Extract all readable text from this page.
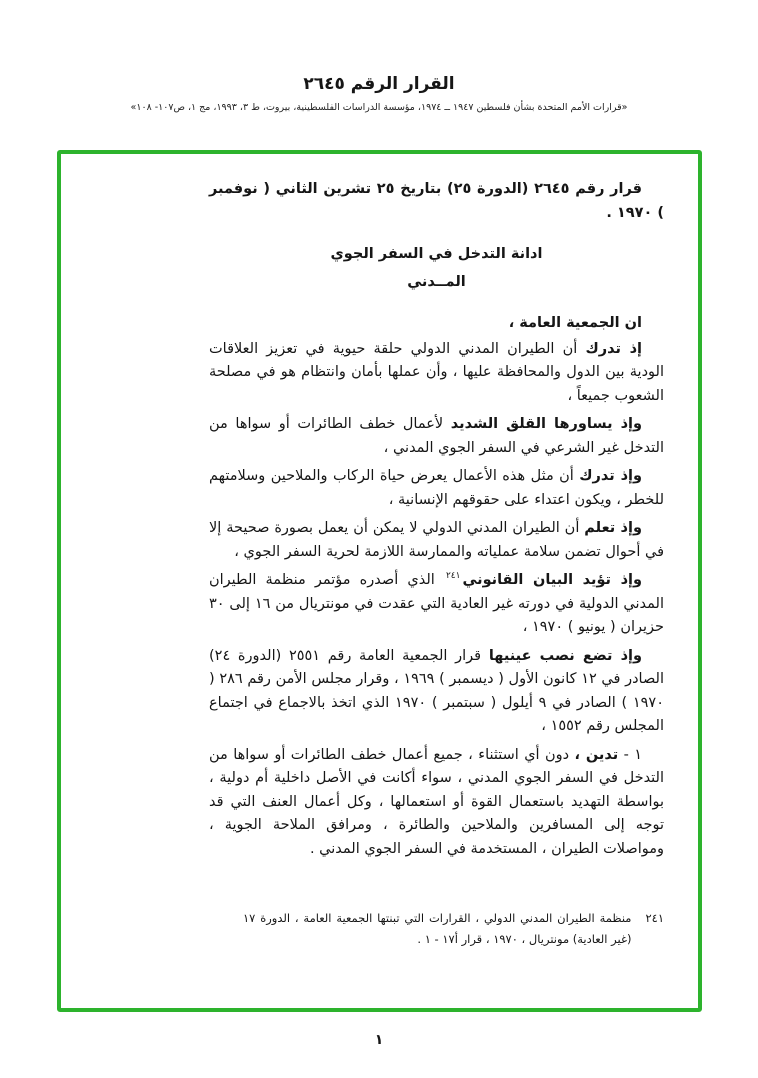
القرار الرقم ٢٦٤٥
«قرارات الأمم المتحدة بشأن فلسطين ١٩٤٧ ــ ١٩٧٤، مؤسسة الدراسات الفلسطينية، بيروت، ط ٣، ١٩٩٣، مج ١، ص١٠٧- ١٠٨»

قرار رقم ٢٦٤٥ (الدورة ٢٥) بتاريخ ٢٥ تشرين الثاني ( نوفمبر ) ١٩٧٠ .

ادانة التدخل في السفر الجوي
المــدني

ان الجمعية العامة ،

إذ تدرك أن الطيران المدني الدولي حلقة حيوية في تعزيز العلاقات الودية بين الدول والمحافظة عليها ، وأن عملها بأمان وانتظام هو في مصلحة الشعوب جميعاً ،

وإذ يساورها القلق الشديد لأعمال خطف الطائرات أو سواها من التدخل غير الشرعي في السفر الجوي المدني ،

وإذ تدرك أن مثل هذه الأعمال يعرض حياة الركاب والملاحين وسلامتهم للخطر ، ويكون اعتداء على حقوقهم الإنسانية ،

وإذ تعلم أن الطيران المدني الدولي لا يمكن أن يعمل بصورة صحيحة إلا في أحوال تضمن سلامة عملياته والممارسة اللازمة لحرية السفر الجوي ،

وإذ تؤيد البيان القانوني$^{٢٤١}$ الذي أصدره مؤتمر منظمة الطيران المدني الدولية في دورته غير العادية التي عقدت في مونتريال من ١٦ إلى ٣٠ حزيران ( يونيو ) ١٩٧٠ ،

وإذ تضع نصب عينيها قرار الجمعية العامة رقم ٢٥٥١ (الدورة ٢٤) الصادر في ١٢ كانون الأول ( ديسمبر ) ١٩٦٩ ، وقرار مجلس الأمن رقم ٢٨٦ ( ١٩٧٠ ) الصادر في ٩ أيلول ( سبتمبر ) ١٩٧٠ الذي اتخذ بالاجماع في اجتماع المجلس رقم ١٥٥٢ ،

١ - تدين ، دون أي استثناء ، جميع أعمال خطف الطائرات أو سواها من التدخل في السفر الجوي المدني ، سواء أكانت في الأصل داخلية أم دولية ، بواسطة التهديد باستعمال القوة أو استعمالها ، وكل أعمال العنف التي قد توجه إلى المسافرين والملاحين والطائرة ، ومرافق الملاحة الجوية ، ومواصلات الطيران ، المستخدمة في السفر الجوي المدني .

٢٤١
منظمة الطيران المدني الدولي ، القرارات التي تبنتها الجمعية العامة ، الدورة ١٧ (غير العادية) مونتريال ، ١٩٧٠ ، قرار أ١٧ - ١ .
١
